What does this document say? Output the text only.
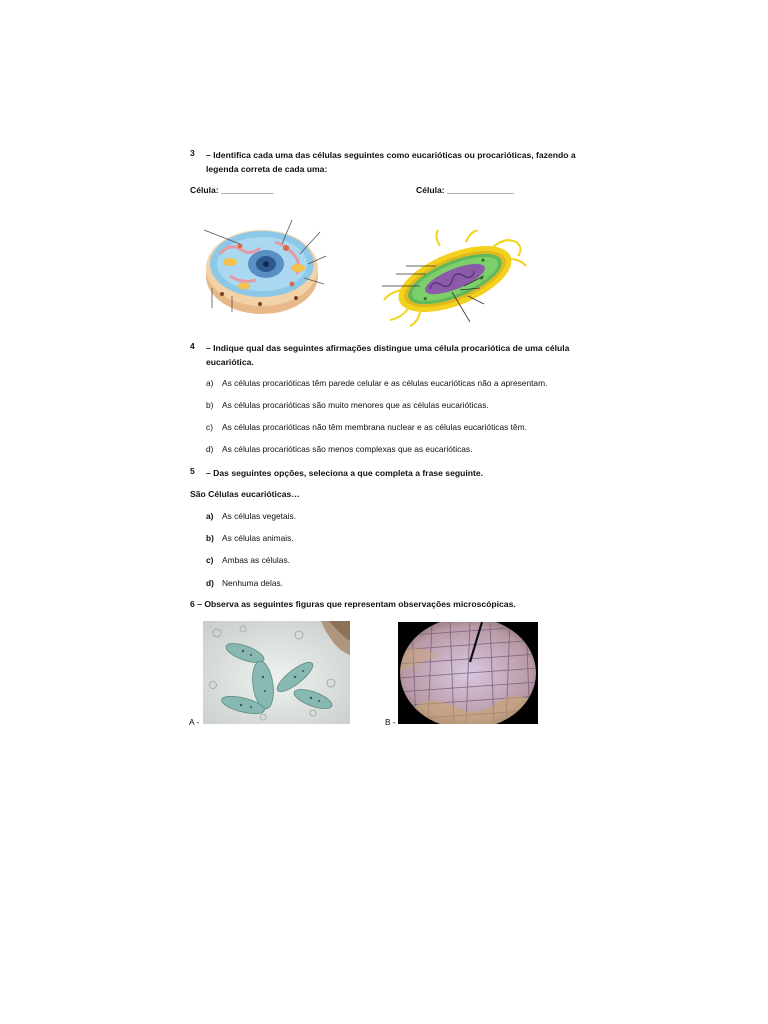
3 – Identifica cada uma das células seguintes como eucarióticas ou procarióticas, fazendo a legenda correta de cada uma:
Célula: ___________	Célula: ______________
4 – Indique qual das seguintes afirmações distingue uma célula procariótica de uma célula eucariótica.
a) As células procarióticas têm parede celular e as células eucarióticas não a apresentam.
b) As células procarióticas são muito menores que as células eucarióticas.
c) As células procarióticas não têm membrana nuclear e as células eucarióticas têm.
d) As células procarióticas são menos complexas que as eucarióticas.
5 – Das seguintes opções, seleciona a que completa a frase seguinte.
São Células eucarióticas…
a) As células vegetais.
b) As células animais.
c) Ambas as células.
d) Nenhuma delas.
6 – Observa as seguintes figuras que representam observações microscópicas.
A -	B -
